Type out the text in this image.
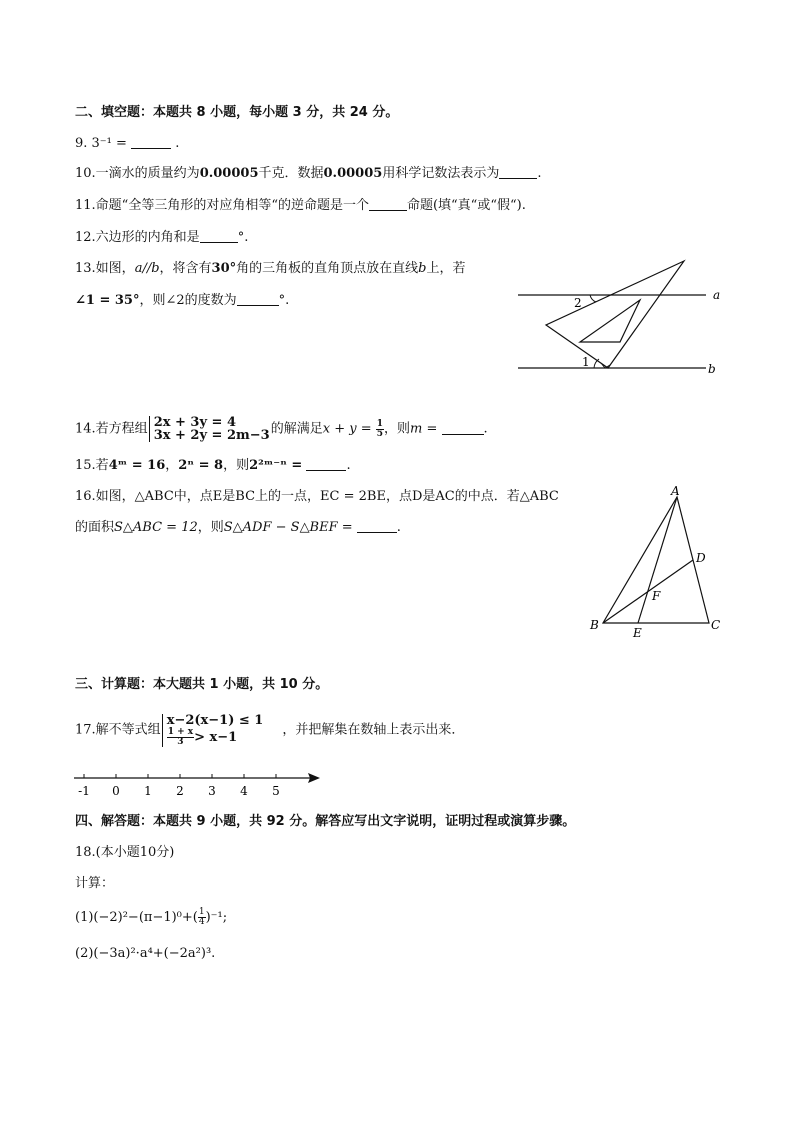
二、填空题：本题共 8 小题，每小题 3 分，共 24 分。
9. 3⁻¹ =	.
10.一滴水的质量约为0.00005千克．数据0.00005用科学记数法表示为	.
11.命题“全等三角形的对应角相等“的逆命题是一个	命题(填“真“或“假“).
12.六边形的内角和是	°.
13.如图，a//b，将含有30°角的三角板的直角顶点放在直线b上，若
∠1 = 35°，则∠2的度数为	°.	a
b
1
2
14.若方程组 2x + 3y = 4
3x + 2y = 2m−3 的解满足$x + y = \frac{1}{5}$ ，则m =	.
15.若4ᵐ = 16，2ⁿ = 8，则2²ᵐ⁻ⁿ =	.
16.如图，△ABC中，点E是BC上的一点，EC = 2BE，点D是AC的中点．若△ABC
的面积S△ABC = 12，则S△ADF − S△BEF =	.
A
B	C
D
E
F
三、计算题：本大题共 1 小题，共 10 分。
17.解不等式组
x−2(x−1) ≤ 1
$\frac{1 + x}{3} > x-1$	，并把解集在数轴上表示出来．
-1 0 1 2 3 4 5
四、解答题：本题共 9 小题，共 92 分。解答应写出文字说明，证明过程或演算步骤。
18.(本小题10分)
计算：
$(1)(-2)^2-(\pi-1)^0+( \frac{1}{4} )^{-1}$;
(2)(−3a)²·a⁴+(−2a²)³.
